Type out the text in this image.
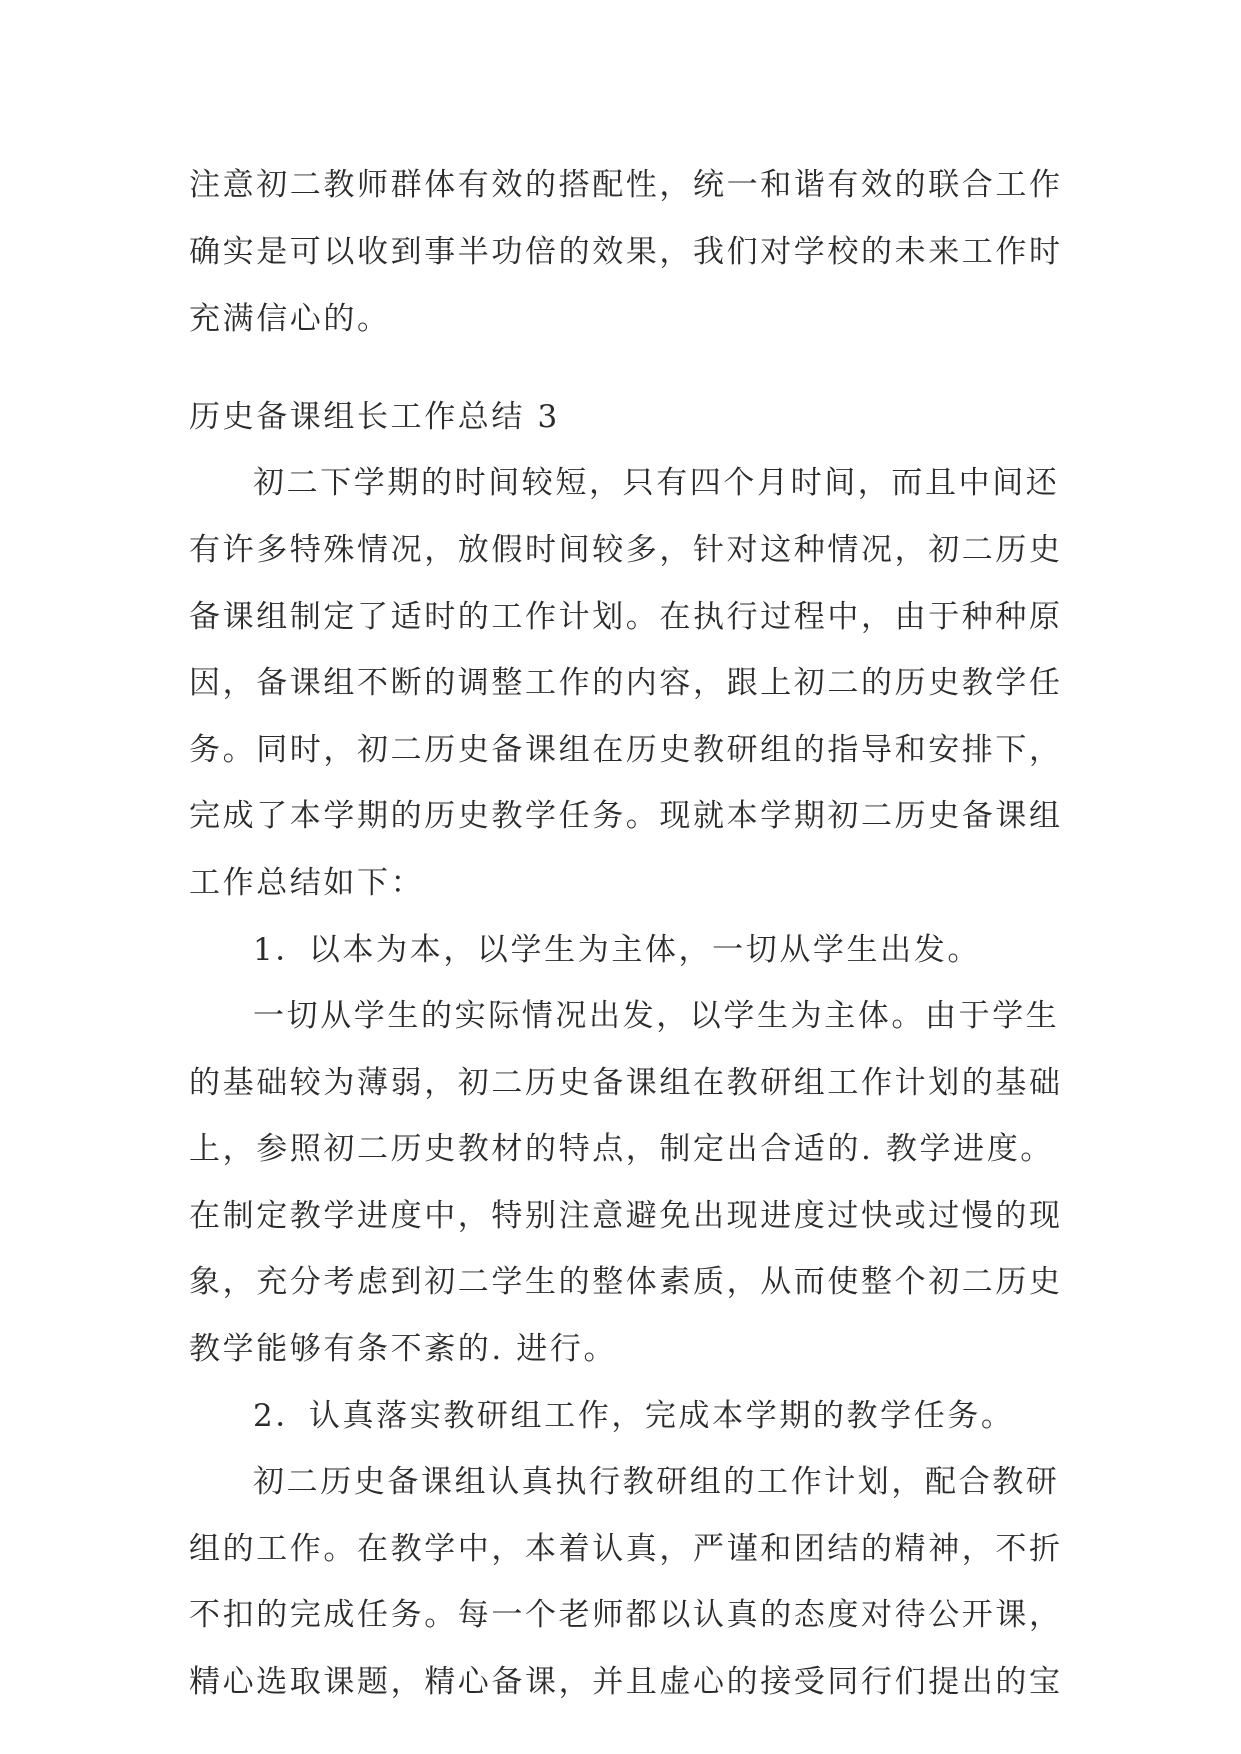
注意初二教师群体有效的搭配性，统一和谐有效的联合工作
确实是可以收到事半功倍的效果，我们对学校的未来工作时
充满信心的。
历史备课组长工作总结 3
初二下学期的时间较短，只有四个月时间，而且中间还
有许多特殊情况，放假时间较多，针对这种情况，初二历史
备课组制定了适时的工作计划。在执行过程中，由于种种原
因，备课组不断的调整工作的内容，跟上初二的历史教学任
务。同时，初二历史备课组在历史教研组的指导和安排下，
完成了本学期的历史教学任务。现就本学期初二历史备课组
工作总结如下：
1．以本为本，以学生为主体，一切从学生出发。
一切从学生的实际情况出发，以学生为主体。由于学生
的基础较为薄弱，初二历史备课组在教研组工作计划的基础
上，参照初二历史教材的特点，制定出合适的. 教学进度。
在制定教学进度中，特别注意避免出现进度过快或过慢的现
象，充分考虑到初二学生的整体素质，从而使整个初二历史
教学能够有条不紊的. 进行。
2．认真落实教研组工作，完成本学期的教学任务。
初二历史备课组认真执行教研组的工作计划，配合教研
组的工作。在教学中，本着认真，严谨和团结的精神，不折
不扣的完成任务。每一个老师都以认真的态度对待公开课，
精心选取课题，精心备课，并且虚心的接受同行们提出的宝
